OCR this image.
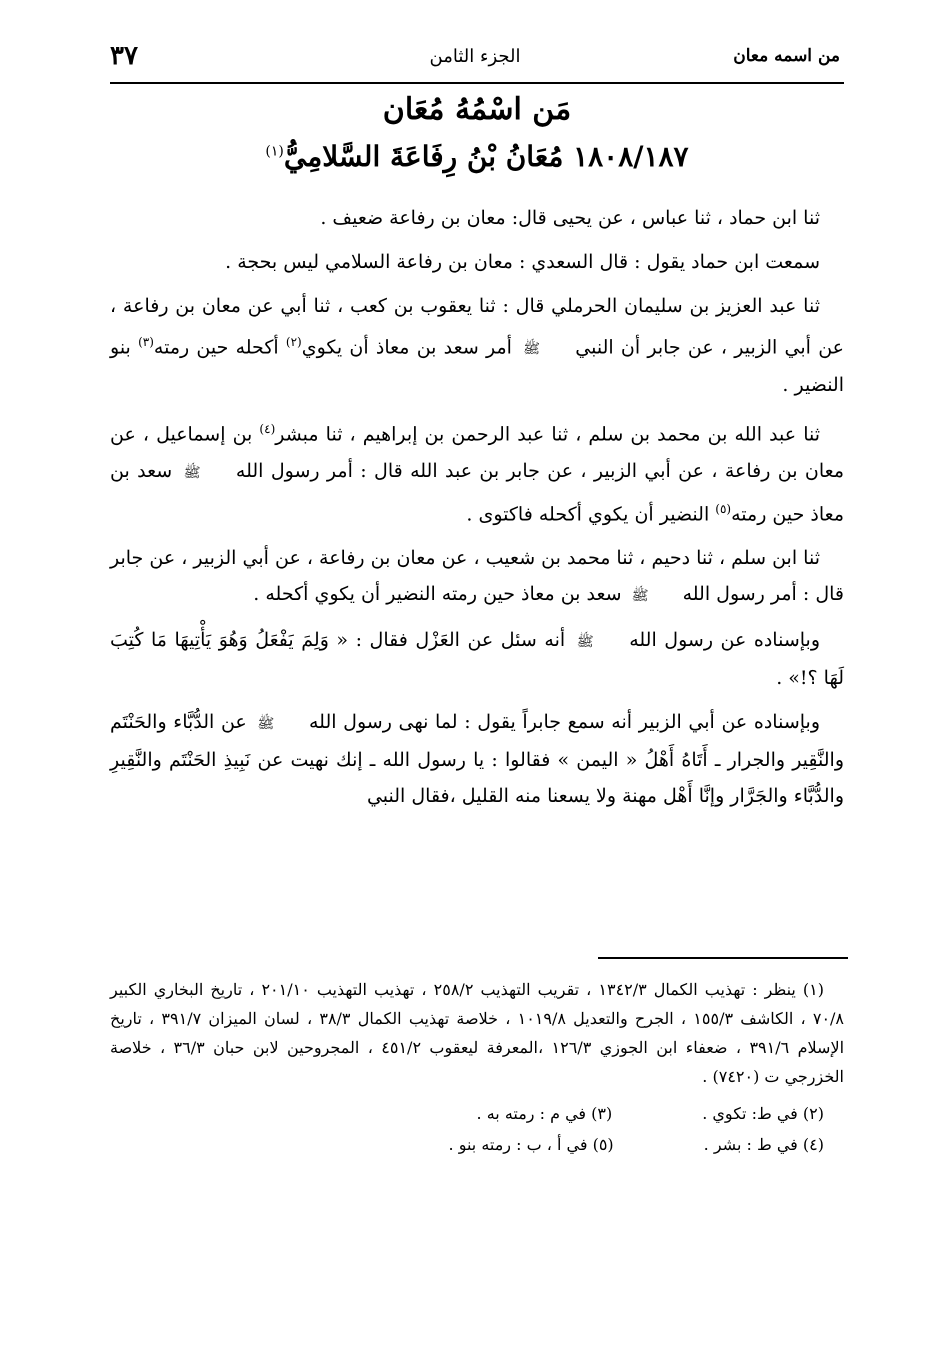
من اسمه معان
الجزء الثامن
٣٧
مَن اسْمُهُ مُعَان
١٨٠٨/١٨٧ مُعَانُ بْنُ رِفَاعَةَ السَّلامِيُّ$^{(١)}$

ثنا ابن حماد ، ثنا عباس ، عن يحيى قال: معان بن رفاعة ضعيف .

سمعت ابن حماد يقول : قال السعدي : معان بن رفاعة السلامي ليس بحجة .

ثنا عبد العزيز بن سليمان الحرملي قال : ثنا يعقوب بن كعب ، ثنا أبي عن معان بن رفاعة ، عن أبي الزبير ، عن جابر أن النبي ﷺ أمر سعد بن معاذ أن يكوي$^{(٢)}$ أكحله حين رمته$^{(٣)}$ بنو النضير .

ثنا عبد الله بن محمد بن سلم ، ثنا عبد الرحمن بن إبراهيم ، ثنا مبشر$^{(٤)}$ بن إسماعيل ، عن معان بن رفاعة ، عن أبي الزبير ، عن جابر بن عبد الله قال : أمر رسول الله ﷺ سعد بن معاذ حين رمته$^{(٥)}$ النضير أن يكوي أكحله فاكتوى .

ثنا ابن سلم ، ثنا دحيم ، ثنا محمد بن شعيب ، عن معان بن رفاعة ، عن أبي الزبير ، عن جابر قال : أمر رسول الله ﷺ سعد بن معاذ حين رمته النضير أن يكوي أكحله .

وبإسناده عن رسول الله ﷺ أنه سئل عن العَزْل فقال : « وَلِمَ يَفْعَلُ وَهُوَ يَأْتِيهَا مَا كُتِبَ لَهَا ؟!» .

وبإسناده عن أبي الزبير أنه سمع جابراً يقول : لما نهى رسول الله ﷺ عن الدُّبَّاء والحَنْتَم والنَّقِير والجرار ـ أَتَاهُ أَهْلُ « اليمن » فقالوا : يا رسول الله ـ إنك نهيت عن نَبِيذِ الحَنْتَم والنَّقِيرِ والدُّبَّاء والجَرَّار وإنَّا أَهْل مهنة ولا يسعنا منه القليل ،فقال النبي

(١) ينظر : تهذيب الكمال ١٣٤٢/٣ ، تقريب التهذيب ٢٥٨/٢ ، تهذيب التهذيب ٢٠١/١٠ ، تاريخ البخاري الكبير ٧٠/٨ ، الكاشف ١٥٥/٣ ، الجرح والتعديل ١٠١٩/٨ ، خلاصة تهذيب الكمال ٣٨/٣ ، لسان الميزان ٣٩١/٧ ، تاريخ الإسلام ٣٩١/٦ ، ضعفاء ابن الجوزي ١٢٦/٣ ،المعرفة ليعقوب ٤٥١/٢ ، المجروحين لابن حبان ٣٦/٣ ، خلاصة الخزرجي ت (٧٤٢٠) .

(٢) في ط: تكوي .
(٣) في م : رمته به .
(٤) في ط : بشر .
(٥) في أ ، ب : رمته بنو .
